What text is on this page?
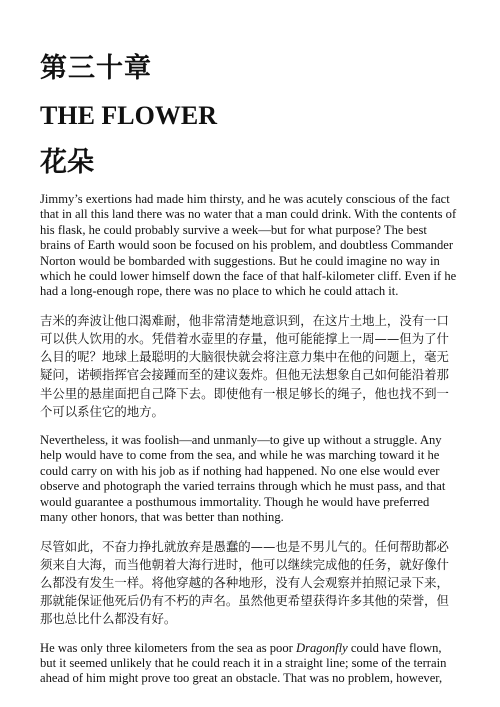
第三十章
THE FLOWER
花朵

Jimmy’s exertions had made him thirsty, and he was acutely conscious of the fact that in all this land there was no water that a man could drink. With the contents of his flask, he could probably survive a week—but for what purpose? The best brains of Earth would soon be focused on his problem, and doubtless Commander Norton would be bombarded with suggestions. But he could imagine no way in which he could lower himself down the face of that half-kilometer cliff. Even if he had a long-enough rope, there was no place to which he could attach it.

吉米的奔波让他口渴难耐，他非常清楚地意识到，在这片土地上，没有一口可以供人饮用的水。凭借着水壶里的存量，他可能能撑上一周——但为了什么目的呢？地球上最聪明的大脑很快就会将注意力集中在他的问题上，毫无疑问，诺顿指挥官会接踵而至的建议轰炸。但他无法想象自己如何能沿着那半公里的悬崖面把自己降下去。即使他有一根足够长的绳子，他也找不到一个可以系住它的地方。

Nevertheless, it was foolish—and unmanly—to give up without a struggle. Any help would have to come from the sea, and while he was marching toward it he could carry on with his job as if nothing had happened. No one else would ever observe and photograph the varied terrains through which he must pass, and that would guarantee a posthumous immortality. Though he would have preferred many other honors, that was better than nothing.

尽管如此，不奋力挣扎就放弃是愚蠢的——也是不男儿气的。任何帮助都必须来自大海，而当他朝着大海行进时，他可以继续完成他的任务，就好像什么都没有发生一样。将他穿越的各种地形，没有人会观察并拍照记录下来，那就能保证他死后仍有不朽的声名。虽然他更希望获得许多其他的荣誉，但那也总比什么都没有好。

He was only three kilometers from the sea as poor Dragonfly could have flown, but it seemed unlikely that he could reach it in a straight line; some of the terrain ahead of him might prove too great an obstacle. That was no problem, however,
